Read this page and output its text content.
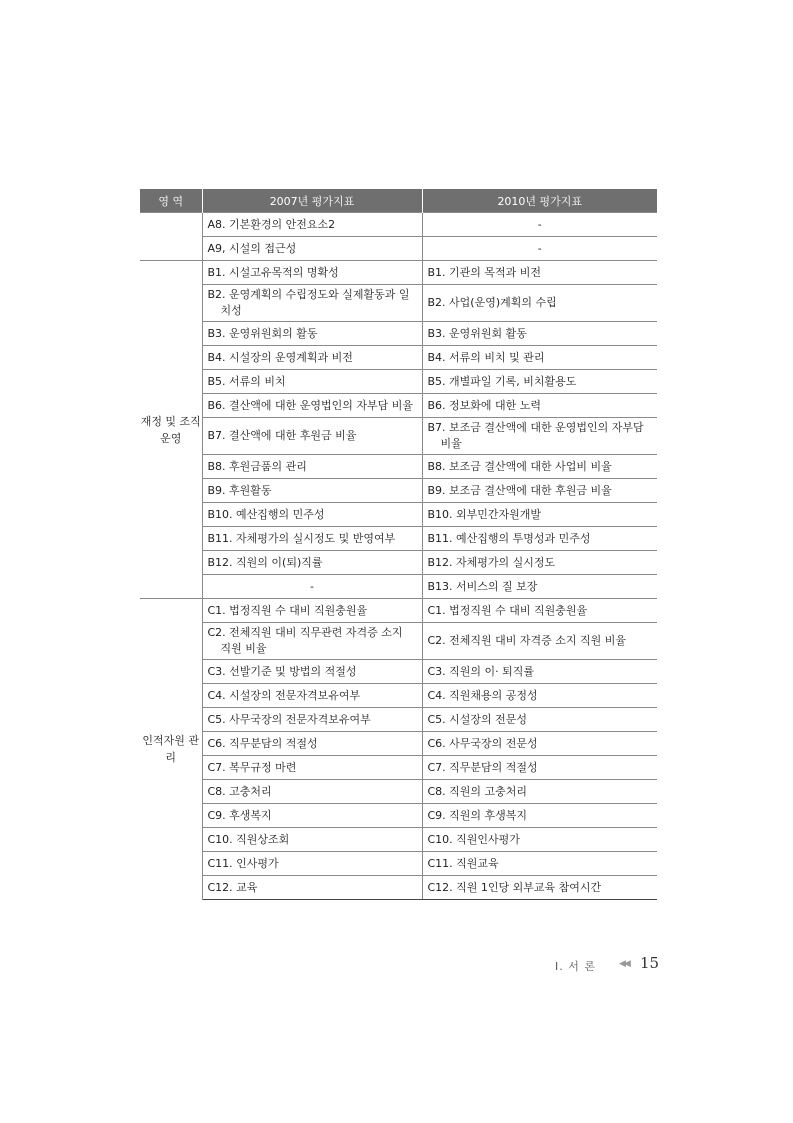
영 역	2007년 평가지표	2010년 평가지표
	A8. 기본환경의 안전요소2	-
	A9, 시설의 접근성	-
재정 및 조직운영	B1. 시설고유목적의 명확성	B1. 기관의 목적과 비전
	B2. 운영계획의 수립정도와 실제활동과 일치성	B2. 사업(운영)계획의 수립
	B3. 운영위원회의 활동	B3. 운영위원회 활동
	B4. 시설장의 운영계획과 비전	B4. 서류의 비치 및 관리
	B5. 서류의 비치	B5. 개별파일 기록, 비치활용도
	B6. 결산액에 대한 운영법인의 자부담 비율	B6. 정보화에 대한 노력
	B7. 결산액에 대한 후원금 비율	B7. 보조금 결산액에 대한 운영법인의 자부담 비율
	B8. 후원금품의 관리	B8. 보조금 결산액에 대한 사업비 비율
	B9. 후원활동	B9. 보조금 결산액에 대한 후원금 비율
	B10. 예산집행의 민주성	B10. 외부민간자원개발
	B11. 자체평가의 실시정도 및 반영여부	B11. 예산집행의 투명성과 민주성
	B12. 직원의 이(퇴)직률	B12. 자체평가의 실시정도
	-	B13. 서비스의 질 보장
인적자원 관리	C1. 법정직원 수 대비 직원충원율	C1. 법정직원 수 대비 직원충원율
	C2. 전체직원 대비 직무관련 자격증 소지 직원 비율	C2. 전체직원 대비 자격증 소지 직원 비율
	C3. 선발기준 및 방법의 적절성	C3. 직원의 이· 퇴직률
	C4. 시설장의 전문자격보유여부	C4. 직원채용의 공정성
	C5. 사무국장의 전문자격보유여부	C5. 시설장의 전문성
	C6. 직무분담의 적절성	C6. 사무국장의 전문성
	C7. 복무규정 마련	C7. 직무분담의 적절성
	C8. 고충처리	C8. 직원의 고충처리
	C9. 후생복지	C9. 직원의 후생복지
	C10. 직원상조회	C10. 직원인사평가
	C11. 인사평가	C11. 직원교육
	C12. 교육	C12. 직원 1인당 외부교육 참여시간
Ⅰ. 서 론	◀◀ 15
